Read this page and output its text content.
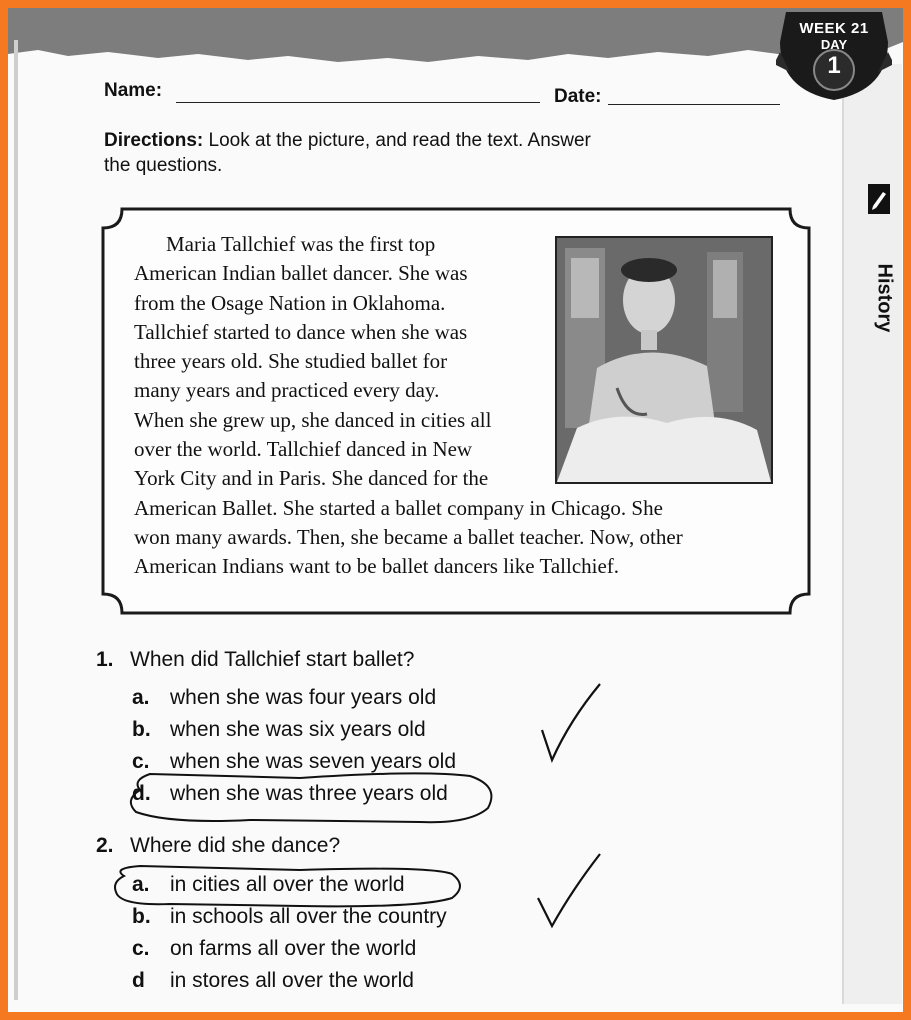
WEEK 21
DAY
1
Name:	Date:
Directions: Look at the picture, and read the text. Answer
the questions.
History
Maria Tallchief was the first top
American Indian ballet dancer. She was
from the Osage Nation in Oklahoma.
Tallchief started to dance when she was
three years old. She studied ballet for
many years and practiced every day.
When she grew up, she danced in cities all
over the world. Tallchief danced in New
York City and in Paris. She danced for the
American Ballet. She started a ballet company in Chicago. She
won many awards. Then, she became a ballet teacher. Now, other
American Indians want to be ballet dancers like Tallchief.
1. When did Tallchief start ballet?
a. when she was four years old
b. when she was six years old
c. when she was seven years old
d. when she was three years old
2. Where did she dance?
a. in cities all over the world
b. in schools all over the country
c. on farms all over the world
d in stores all over the world
